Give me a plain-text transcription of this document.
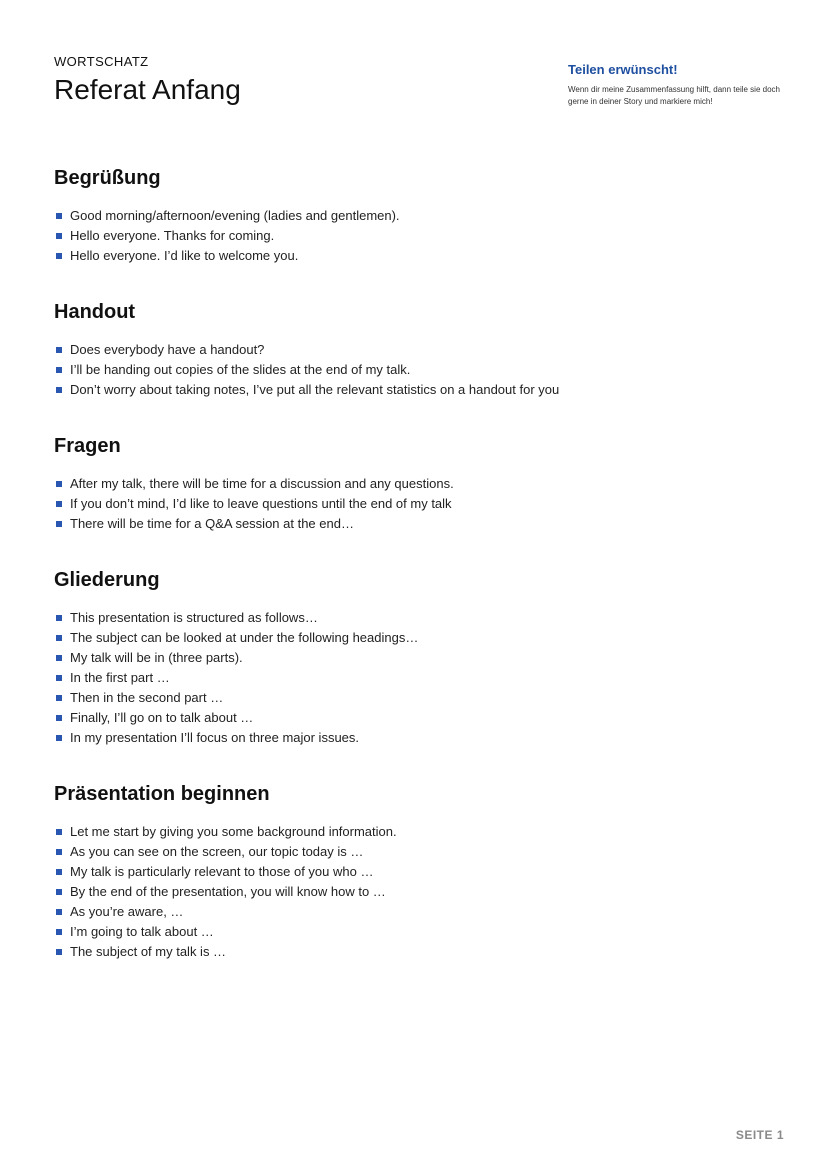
WORTSCHATZ
Referat Anfang
Teilen erwünscht!
Wenn dir meine Zusammenfassung hilft, dann teile sie doch gerne in deiner Story und markiere mich!
Begrüßung
Good morning/afternoon/evening (ladies and gentlemen).
Hello everyone. Thanks for coming.
Hello everyone. I’d like to welcome you.
Handout
Does everybody have a handout?
I’ll be handing out copies of the slides at the end of my talk.
Don’t worry about taking notes, I’ve put all the relevant statistics on a handout for you
Fragen
After my talk, there will be time for a discussion and any questions.
If you don’t mind, I’d like to leave questions until the end of my talk
There will be time for a Q&A session at the end…
Gliederung
This presentation is structured as follows…
The subject can be looked at under the following headings…
My talk will be in (three parts).
In the first part …
Then in the second part …
Finally, I’ll go on to talk about …
In my presentation I’ll focus on three major issues.
Präsentation beginnen
Let me start by giving you some background information.
As you can see on the screen, our topic today is …
My talk is particularly relevant to those of you who …
By the end of the presentation, you will know how to …
As you’re aware, …
I’m going to talk about …
The subject of my talk is …
SEITE 1
